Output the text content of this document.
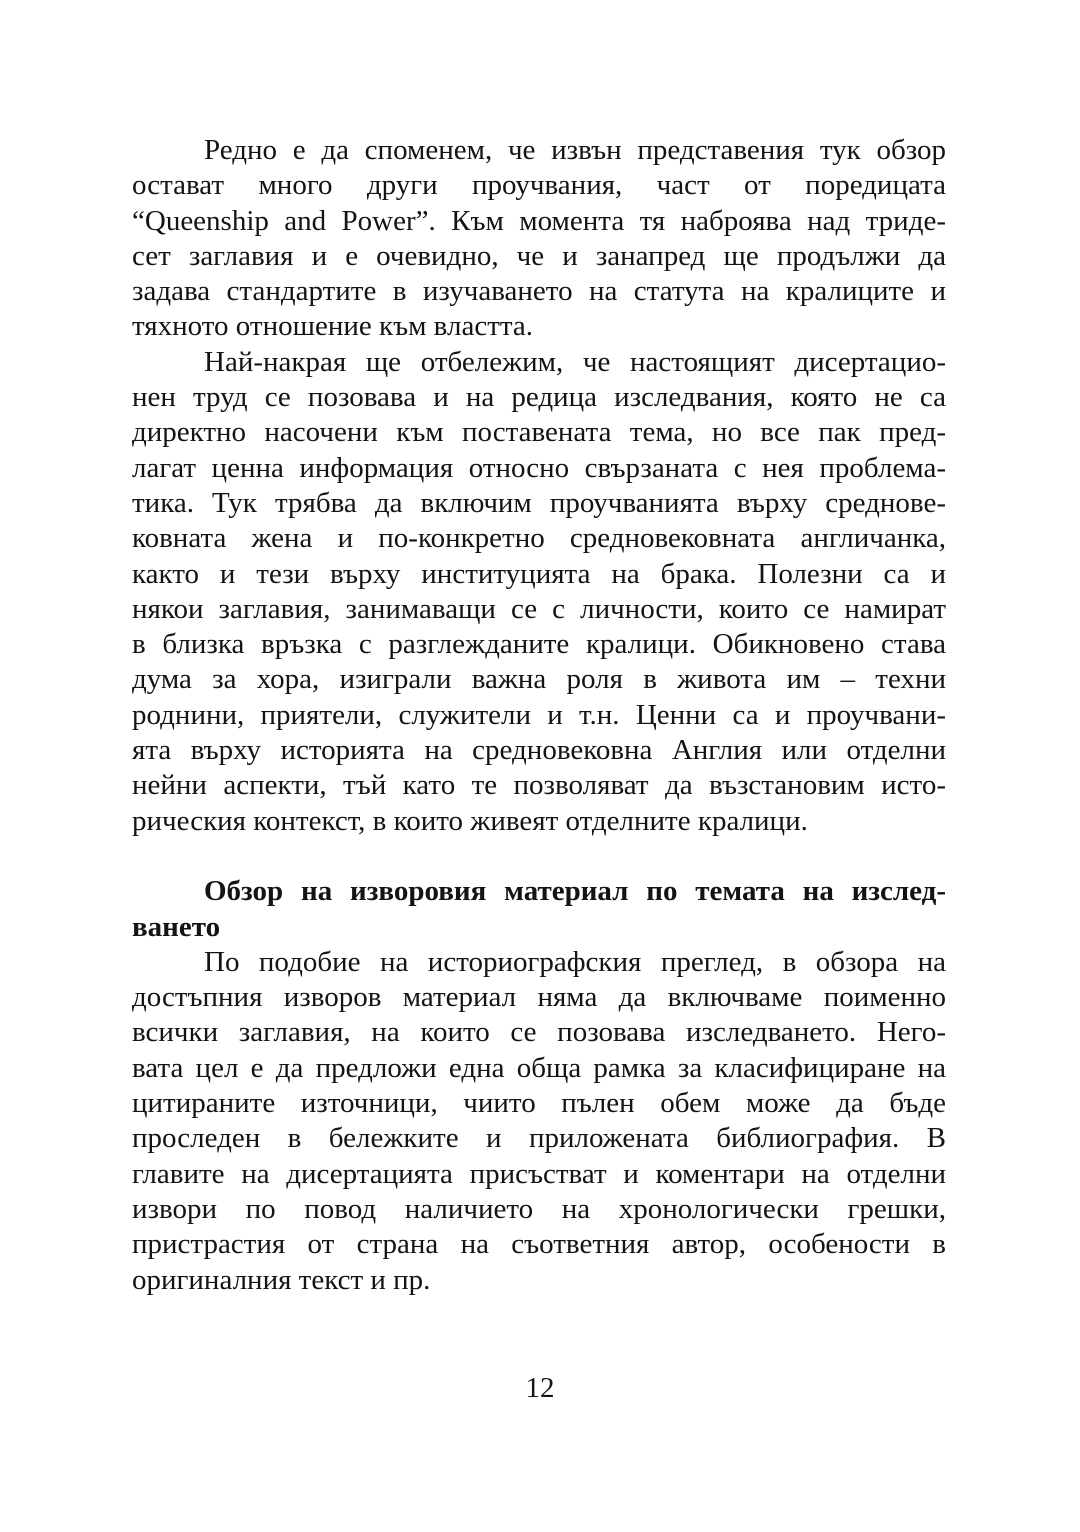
Редно е да споменем, че извън представения тук обзор
остават много други проучвания, част от поредицата
“Queenship and Power”. Към момента тя наброява над триде-
сет заглавия и е очевидно, че и занапред ще продължи да
задава стандартите в изучаването на статута на кралиците и
тяхното отношение към властта.
Най-накрая ще отбележим, че настоящият дисертацио-
нен труд се позовава и на редица изследвания, която не са
директно насочени към поставената тема, но все пак пред-
лагат ценна информация относно свързаната с нея проблема-
тика. Тук трябва да включим проучванията върху среднове-
ковната жена и по-конкретно средновековната англичанка,
както и тези върху институцията на брака. Полезни са и
някои заглавия, занимаващи се с личности, които се намират
в близка връзка с разглежданите кралици. Обикновено става
дума за хора, изиграли важна роля в живота им – техни
роднини, приятели, служители и т.н. Ценни са и проучвани-
ята върху историята на средновековна Англия или отделни
нейни аспекти, тъй като те позволяват да възстановим исто-
рическия контекст, в които живеят отделните кралици.
Обзор на изворовия материал по темата на изслед-
ването
По подобие на историографския преглед, в обзора на
достъпния изворов материал няма да включваме поименно
всички заглавия, на които се позовава изследването. Него-
вата цел е да предложи една обща рамка за класифициране на
цитираните източници, чиито пълен обем може да бъде
проследен в бележките и приложената библиография. В
главите на дисертацията присъстват и коментари на отделни
извори по повод наличието на хронологически грешки,
пристрастия от страна на съответния автор, особености в
оригиналния текст и пр.
12
